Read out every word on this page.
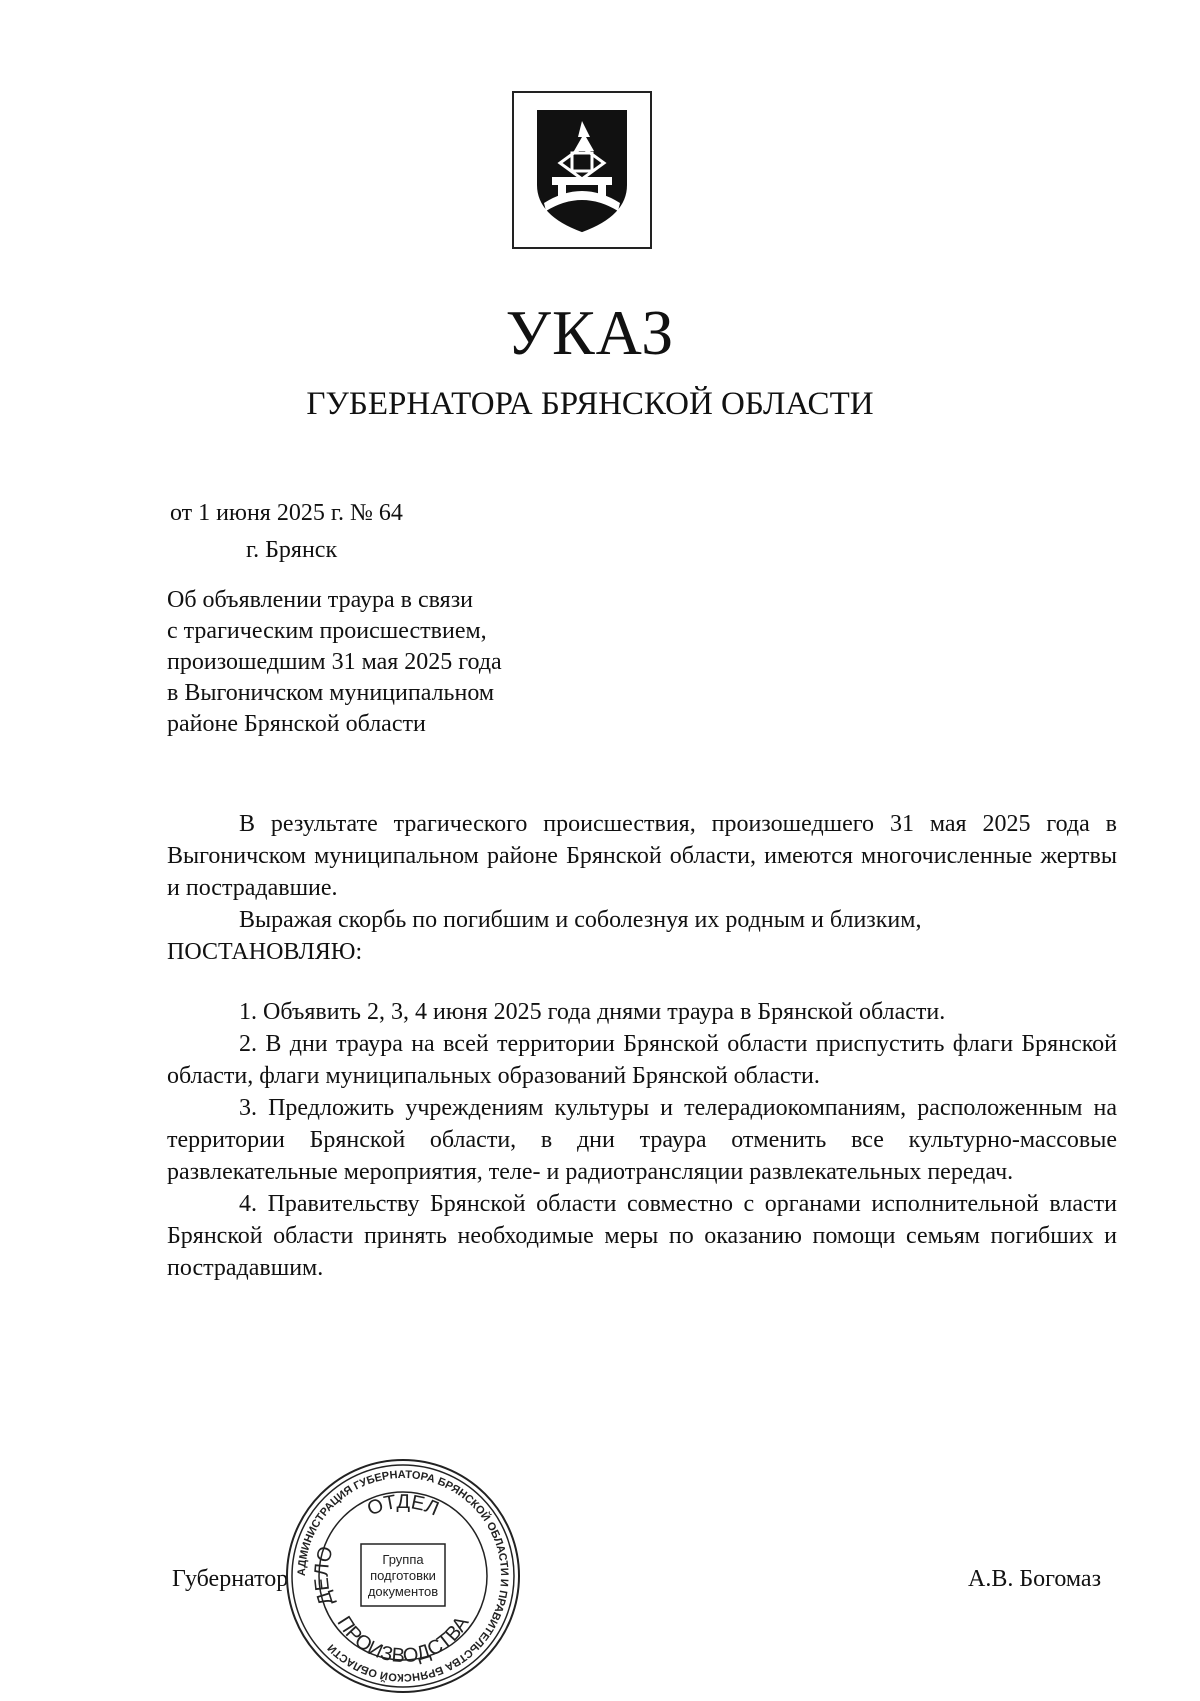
УКАЗ
ГУБЕРНАТОРА БРЯНСКОЙ ОБЛАСТИ
от 1 июня 2025 г. № 64
г. Брянск
Об объявлении траура в связи
с трагическим происшествием,
произошедшим 31 мая 2025 года
в Выгоничском муниципальном
районе Брянской области

В результате трагического происшествия, произошедшего 31 мая 2025 года в Выгоничском муниципальном районе Брянской области, имеются многочисленные жертвы и пострадавшие.

Выражая скорбь по погибшим и соболезнуя их родным и близким,

ПОСТАНОВЛЯЮ:

1. Объявить 2, 3, 4 июня 2025 года днями траура в Брянской области.

2. В дни траура на всей территории Брянской области приспустить флаги Брянской области, флаги муниципальных образований Брянской области.

3. Предложить учреждениям культуры и телерадиокомпаниям, расположенным на территории Брянской области, в дни траура отменить все культурно-массовые развлекательные мероприятия, теле- и радиотрансляции развлекательных передач.

4. Правительству Брянской области совместно с органами исполнительной власти Брянской области принять необходимые меры по оказанию помощи семьям погибших и пострадавшим.

Губернатор	А.В. Богомаз
АДМИНИСТРАЦИЯ ГУБЕРНАТОРА БРЯНСКОЙ ОБЛАСТИ И ПРАВИТЕЛЬСТВА БРЯНСКОЙ ОБЛАСТИ
ОТДЕЛ
ПРОИЗВОДСТВА
ДЕЛО	Группа
подготовки
документов
